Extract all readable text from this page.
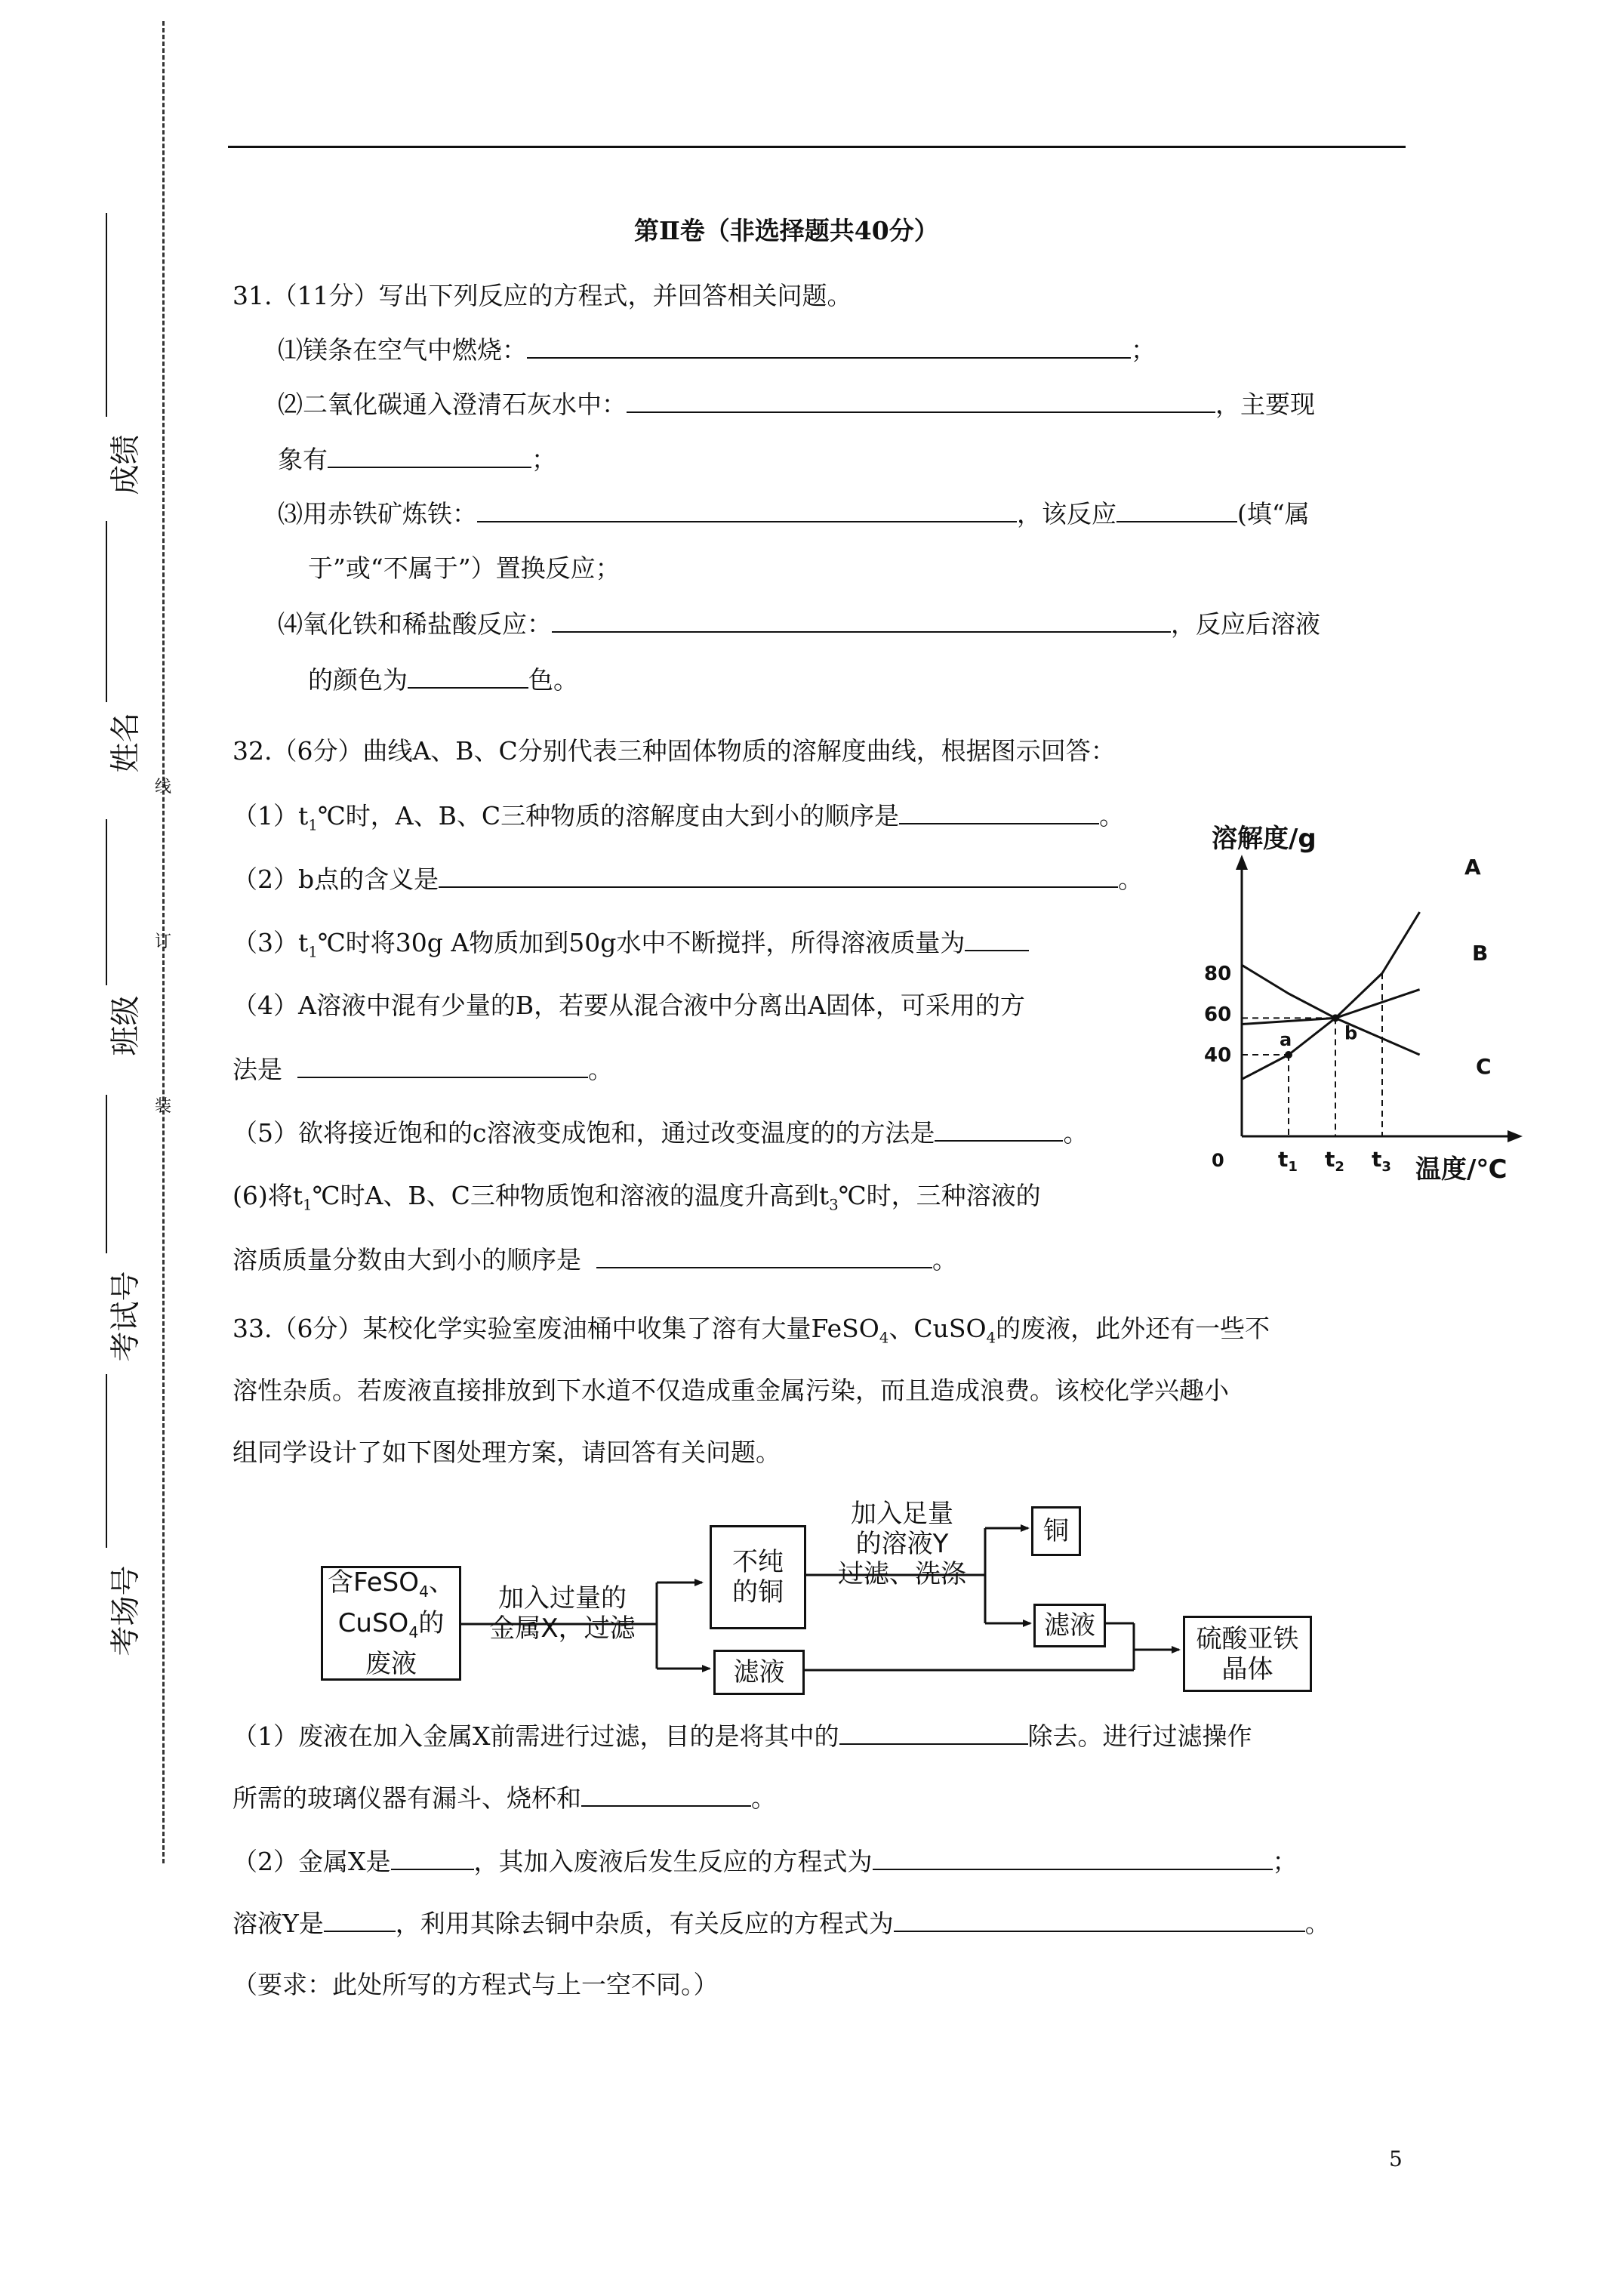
成绩
姓名
班级
考试号
考场号
线
订
装
第Ⅱ卷（非选择题共40分）
31.（11分）写出下列反应的方程式，并回答相关问题。
⑴镁条在空气中燃烧：	；
⑵二氧化碳通入澄清石灰水中：	，主要现
象有	；
⑶用赤铁矿炼铁：	，该反应	(填“属
于”或“不属于”）置换反应；
⑷氧化铁和稀盐酸反应：	，反应后溶液
的颜色为	色。
32.（6分）曲线A、B、C分别代表三种固体物质的溶解度曲线，根据图示回答：
$(1)t_1℃$时，A、B、C三种物质的溶解度由大到小的顺序是	。
（2）b点的含义是	。
$(3)t_1℃$时将30g A物质加到50g水中不断搅拌，所得溶液质量为
（4）A溶液中混有少量的B，若要从混合液中分离出A固体，可采用的方
法是	。
（5）欲将接近饱和的c溶液变成饱和，通过改变温度的的方法是	。
(6)将$t_1℃$时A、B、C三种物质饱和溶液的温度升高到$t_3℃$时，三种溶液的
溶质质量分数由大到小的顺序是	。
溶解度/g
温度/℃
0
40
60
80
$t_1$ $t_2$ $t_3$
A
B
C
a	b
33.（6分）某校化学实验室废油桶中收集了溶有大量FeSO$_4$、CuSO$_4$的废液，此外还有一些不
溶性杂质。若废液直接排放到下水道不仅造成重金属污染，而且造成浪费。该校化学兴趣小
组同学设计了如下图处理方案，请回答有关问题。
含FeSO$_4$、
CuSO$_4$的
废液
加入过量的
金属X，过滤
不纯
的铜
滤液
加入足量
的溶液Y
过滤、洗涤
铜
滤液	硫酸亚铁
晶体
（1）废液在加入金属X前需进行过滤，目的是将其中的	除去。进行过滤操作
所需的玻璃仪器有漏斗、烧杯和	。
（2）金属X是	，其加入废液后发生反应的方程式为	；
溶液Y是	，利用其除去铜中杂质，有关反应的方程式为	。
（要求：此处所写的方程式与上一空不同。）
5
